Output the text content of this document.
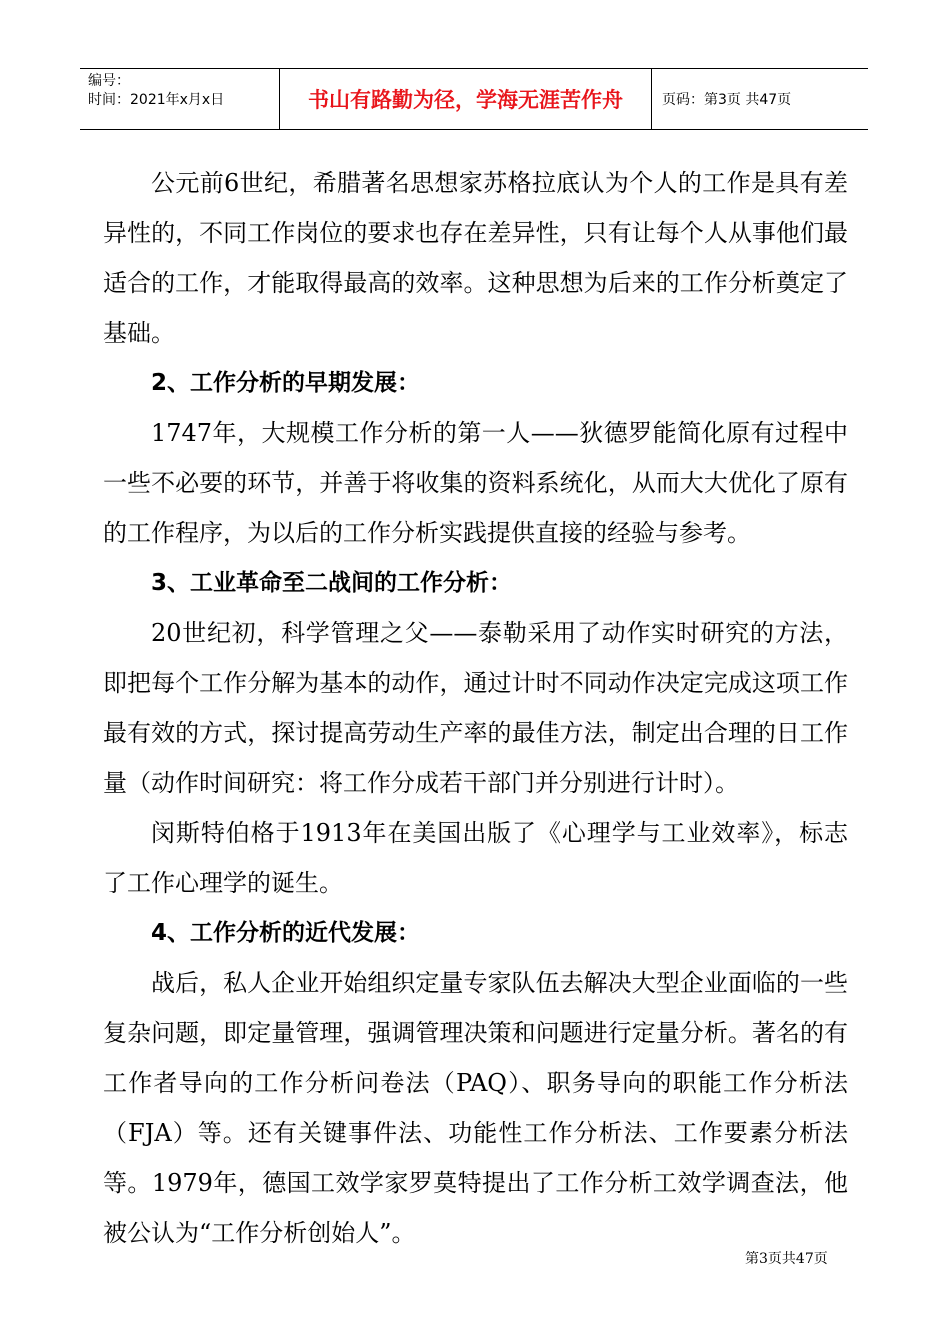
编号：
时间：2021年x月x日	书山有路勤为径，学海无涯苦作舟	页码：第3页 共47页

公元前6世纪，希腊著名思想家苏格拉底认为个人的工作是具有差异性的，不同工作岗位的要求也存在差异性，只有让每个人从事他们最适合的工作，才能取得最高的效率。这种思想为后来的工作分析奠定了基础。

2、工作分析的早期发展：

1747年，大规模工作分析的第一人——狄德罗能简化原有过程中一些不必要的环节，并善于将收集的资料系统化，从而大大优化了原有的工作程序，为以后的工作分析实践提供直接的经验与参考。

3、工业革命至二战间的工作分析：

20世纪初，科学管理之父——泰勒采用了动作实时研究的方法，即把每个工作分解为基本的动作，通过计时不同动作决定完成这项工作最有效的方式，探讨提高劳动生产率的最佳方法，制定出合理的日工作量（动作时间研究：将工作分成若干部门并分别进行计时）。

闵斯特伯格于1913年在美国出版了《心理学与工业效率》，标志了工作心理学的诞生。

4、工作分析的近代发展：

战后，私人企业开始组织定量专家队伍去解决大型企业面临的一些复杂问题，即定量管理，强调管理决策和问题进行定量分析。著名的有工作者导向的工作分析问卷法（PAQ）、职务导向的职能工作分析法（FJA）等。还有关键事件法、功能性工作分析法、工作要素分析法等。1979年，德国工效学家罗莫特提出了工作分析工效学调查法，他被公认为“工作分析创始人”。

第3页共47页
